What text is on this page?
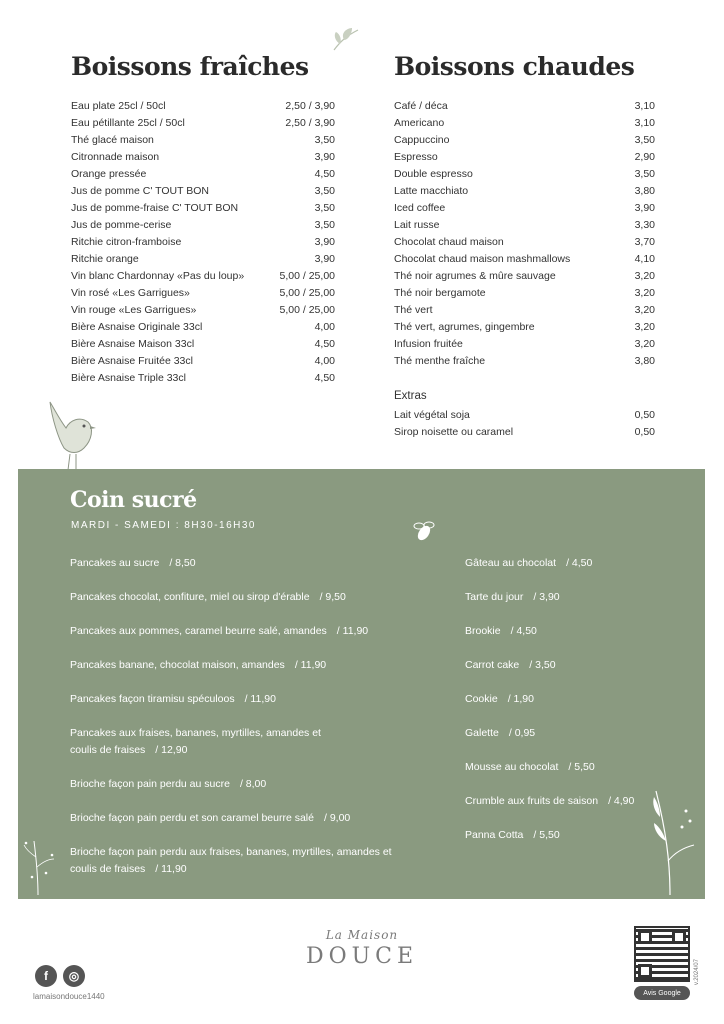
Boissons fraîches
Eau plate 25cl / 50cl	2,50 / 3,90
Eau pétillante 25cl / 50cl	2,50 / 3,90
Thé glacé maison	3,50
Citronnade maison	3,90
Orange pressée	4,50
Jus de pomme C' TOUT BON	3,50
Jus de pomme-fraise C' TOUT BON	3,50
Jus de pomme-cerise	3,50
Ritchie citron-framboise	3,90
Ritchie orange	3,90
Vin blanc Chardonnay «Pas du loup»	5,00 / 25,00
Vin rosé «Les Garrigues»	5,00 / 25,00
Vin rouge «Les Garrigues»	5,00 / 25,00
Bière Asnaise Originale 33cl	4,00
Bière Asnaise Maison 33cl	4,50
Bière Asnaise Fruitée 33cl	4,00
Bière Asnaise Triple 33cl	4,50
Boissons chaudes
Café / déca	3,10
Americano	3,10
Cappuccino	3,50
Espresso	2,90
Double espresso	3,50
Latte macchiato	3,80
Iced coffee	3,90
Lait russe	3,30
Chocolat chaud maison	3,70
Chocolat chaud maison mashmallows	4,10
Thé noir agrumes & mûre sauvage	3,20
Thé noir bergamote	3,20
Thé vert	3,20
Thé vert, agrumes, gingembre	3,20
Infusion fruitée	3,20
Thé menthe fraîche	3,80
Extras
Lait végétal soja	0,50
Sirop noisette ou caramel	0,50
Coin sucré
MARDI - SAMEDI : 8H30-16H30
Pancakes au sucre / 8,50
Pancakes chocolat, confiture, miel ou sirop d'érable / 9,50
Pancakes aux pommes, caramel beurre salé, amandes / 11,90
Pancakes banane, chocolat maison, amandes / 11,90
Pancakes façon tiramisu spéculoos / 11,90
Pancakes aux fraises, bananes, myrtilles, amandes et
coulis de fraises / 12,90
Brioche façon pain perdu au sucre / 8,00
Brioche façon pain perdu et son caramel beurre salé / 9,00
Brioche façon pain perdu aux fraises, bananes, myrtilles, amandes et
coulis de fraises / 11,90
Gâteau au chocolat / 4,50
Tarte du jour / 3,90
Brookie / 4,50
Carrot cake / 3,50
Cookie / 1,90
Galette / 0,95
Mousse au chocolat / 5,50
Crumble aux fruits de saison / 4,90
Panna Cotta / 5,50
La Maison
DOUCE
f	◎
lamaisondouce1440	Avis Google
v.2024/07
